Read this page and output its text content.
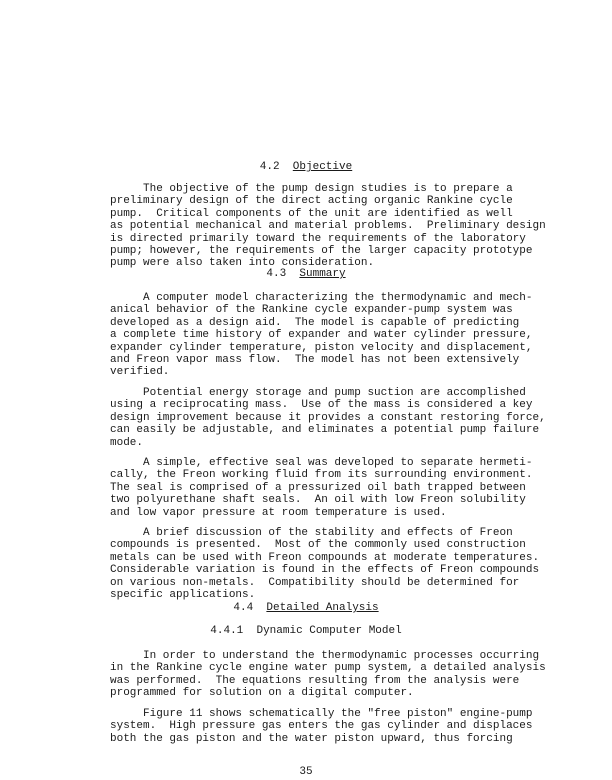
4.2 Objective
The objective of the pump design studies is to prepare a
preliminary design of the direct acting organic Rankine cycle
pump.  Critical components of the unit are identified as well
as potential mechanical and material problems.  Preliminary design
is directed primarily toward the requirements of the laboratory
pump; however, the requirements of the larger capacity prototype
pump were also taken into consideration.
4.3 Summary
A computer model characterizing the thermodynamic and mech-
anical behavior of the Rankine cycle expander-pump system was
developed as a design aid.  The model is capable of predicting
a complete time history of expander and water cylinder pressure,
expander cylinder temperature, piston velocity and displacement,
and Freon vapor mass flow.  The model has not been extensively
verified.
Potential energy storage and pump suction are accomplished
using a reciprocating mass.  Use of the mass is considered a key
design improvement because it provides a constant restoring force,
can easily be adjustable, and eliminates a potential pump failure
mode.
A simple, effective seal was developed to separate hermeti-
cally, the Freon working fluid from its surrounding environment.
The seal is comprised of a pressurized oil bath trapped between
two polyurethane shaft seals.  An oil with low Freon solubility
and low vapor pressure at room temperature is used.
A brief discussion of the stability and effects of Freon
compounds is presented.  Most of the commonly used construction
metals can be used with Freon compounds at moderate temperatures.
Considerable variation is found in the effects of Freon compounds
on various non-metals.  Compatibility should be determined for
specific applications.
4.4 Detailed Analysis
4.4.1 Dynamic Computer Model
In order to understand the thermodynamic processes occurring
in the Rankine cycle engine water pump system, a detailed analysis
was performed.  The equations resulting from the analysis were
programmed for solution on a digital computer.
Figure 11 shows schematically the "free piston" engine-pump
system.  High pressure gas enters the gas cylinder and displaces
both the gas piston and the water piston upward, thus forcing
35
